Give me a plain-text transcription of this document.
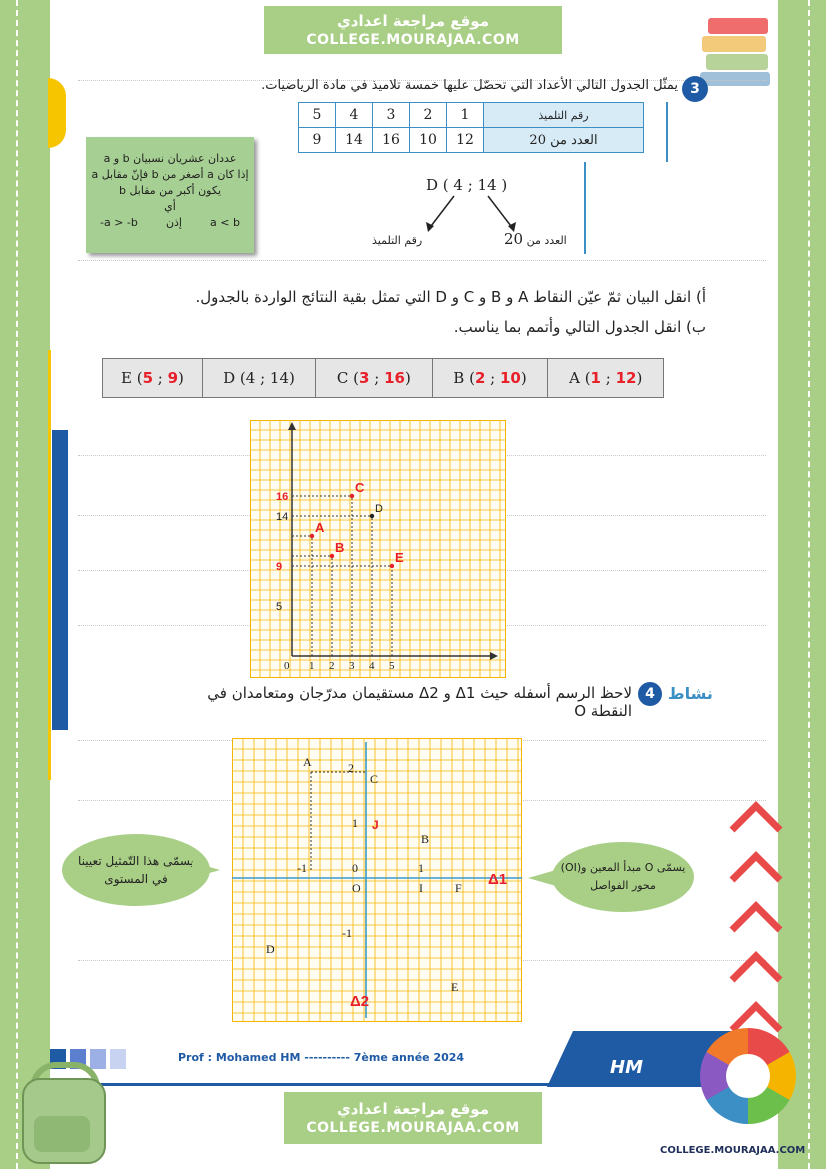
موقع مراجعة اعدادي
COLLEGE.MOURAJAA.COM
3
يمثّل الجدول التالي الأعداد التي تحصّل عليها خمسة تلاميذ في مادة الرياضيات.
5	4	3	2	1	رقم التلميذ
9	14	16	10	12	العدد من 20
a و b عددان عشريان نسبيان
إذا كان a أصغر من b فإنّ مقابل a
يكون أكبر من مقابل b
أي
-a > -b	إذن	a < b
D ( 4 ; 14 )
رقم التلميذ	20 العدد من
أ) انقل البيان ثمّ عيّن النقاط A و B و C و D التي تمثل بقية النتائج الواردة بالجدول.
ب) انقل الجدول التالي وأتمم بما يناسب.
E (5 ; 9)	D (4 ; 14)	C (3 ; 16)	B (2 ; 10)	A (1 ; 12)
0 1 2 3 4 5
5
9
14
16
A
B
C
D
E
نشاط
4
لاحظ الرسم أسفله حيث Δ1 و Δ2 مستقيمان مدرّجان ومتعامدان في النقطة O
1
-1	0
O	I
1
2
-1
J
Δ1
Δ2
A
B
C
D
E
F
يسمّى هذا التّمثيل تعيينا في المستوى
يسمّى O مبدأ المعين و(OI) محور الفواصل
Prof : Mohamed HM ---------- 7ème année 2024	HM
موقع مراجعة اعدادي
COLLEGE.MOURAJAA.COM
COLLEGE.MOURAJAA.COM
